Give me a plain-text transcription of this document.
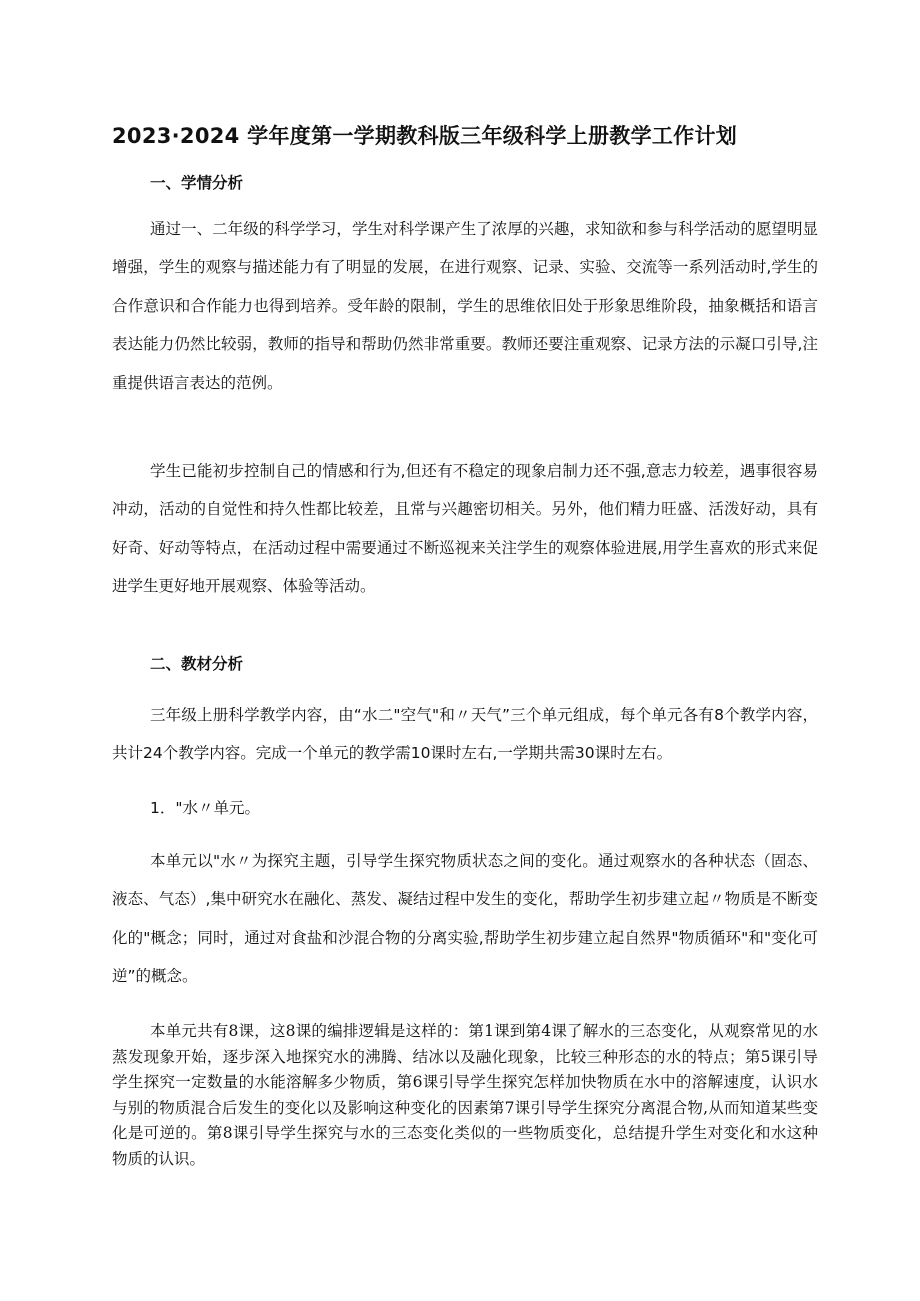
2023·2024 学年度第一学期教科版三年级科学上册教学工作计划
一、学情分析

通过一、二年级的科学学习，学生对科学课产生了浓厚的兴趣，求知欲和参与科学活动的愿望明显增强，学生的观察与描述能力有了明显的发展，在进行观察、记录、实验、交流等一系列活动时,学生的合作意识和合作能力也得到培养。受年龄的限制，学生的思维依旧处于形象思维阶段，抽象概括和语言表达能力仍然比较弱，教师的指导和帮助仍然非常重要。教师还要注重观察、记录方法的示凝口引导,注重提供语言表达的范例。

学生已能初步控制自己的情感和行为,但还有不稳定的现象启制力还不强,意志力较差，遇事很容易冲动，活动的自觉性和持久性都比较差，且常与兴趣密切相关。另外，他们精力旺盛、活泼好动，具有好奇、好动等特点，在活动过程中需要通过不断巡视来关注学生的观察体验进展,用学生喜欢的形式来促进学生更好地开展观察、体验等活动。

二、教材分析

三年级上册科学教学内容，由“水二"空气"和〃天气”三个单元组成，每个单元各有8个教学内容，共计24个教学内容。完成一个单元的教学需10课时左右,一学期共需30课时左右。

1．"水〃单元。

本单元以"水〃为探究主题，引导学生探究物质状态之间的变化。通过观察水的各种状态（固态、液态、气态）,集中研究水在融化、蒸发、凝结过程中发生的变化，帮助学生初步建立起〃物质是不断变化的"概念；同时，通过对食盐和沙混合物的分离实验,帮助学生初步建立起自然界"物质循环"和"变化可逆”的概念。

本单元共有8课，这8课的编排逻辑是这样的：第1课到第4课了解水的三态变化，从观察常见的水蒸发现象开始，逐步深入地探究水的沸腾、结冰以及融化现象，比较三种形态的水的特点；第5课引导学生探究一定数量的水能溶解多少物质，第6课引导学生探究怎样加快物质在水中的溶解速度，认识水与别的物质混合后发生的变化以及影响这种变化的因素第7课引导学生探究分离混合物,从而知道某些变化是可逆的。第8课引导学生探究与水的三态变化类似的一些物质变化，总结提升学生对变化和水这种物质的认识。
